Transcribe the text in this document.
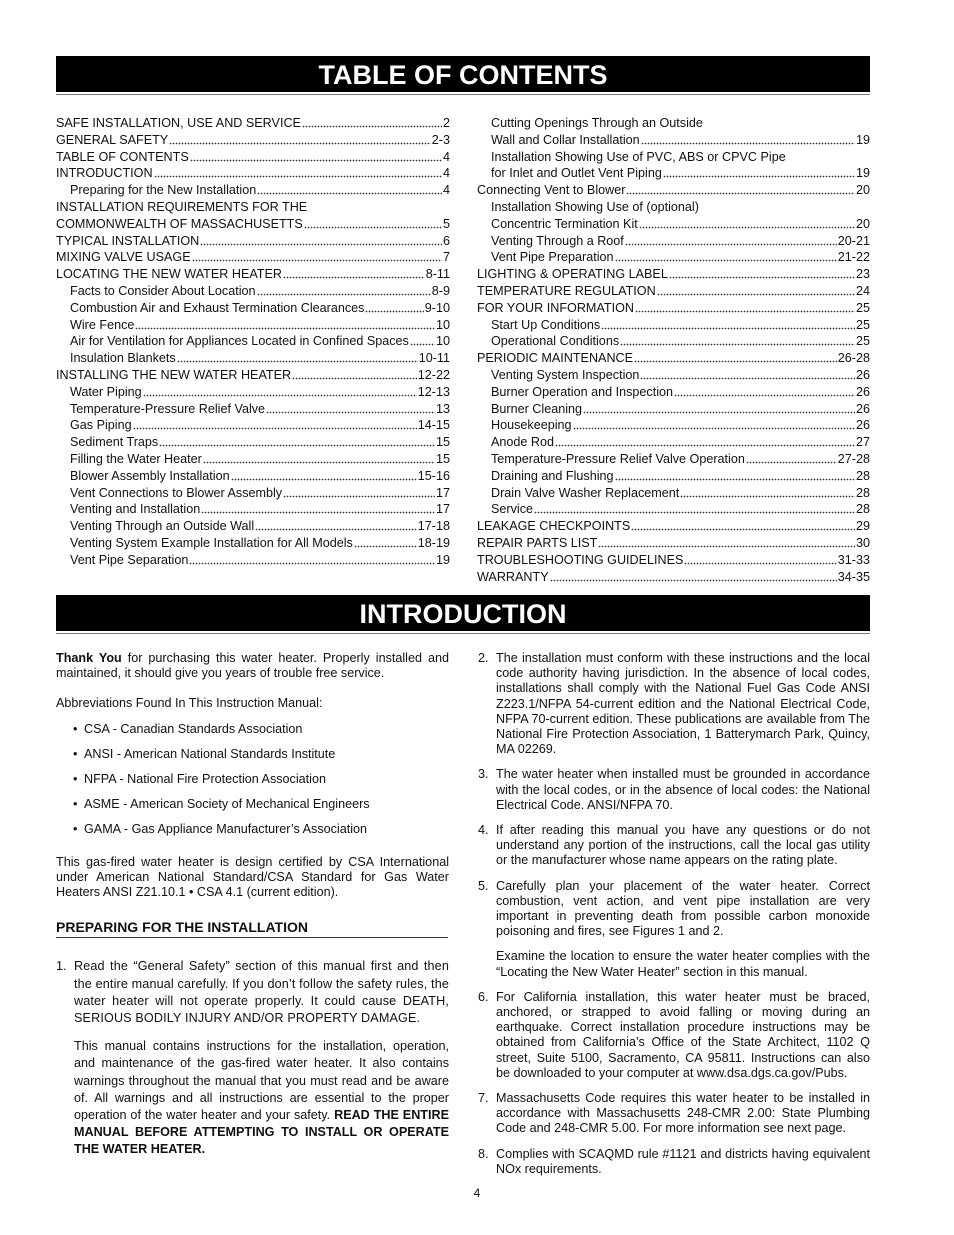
TABLE OF CONTENTS
SAFE INSTALLATION, USE AND SERVICE	2
GENERAL SAFETY	2-3
TABLE OF CONTENTS	4
INTRODUCTION	4
Preparing for the New Installation	4
INSTALLATION REQUIREMENTS FOR THE
COMMONWEALTH OF MASSACHUSETTS	5
TYPICAL INSTALLATION	6
MIXING VALVE USAGE	7
LOCATING THE NEW WATER HEATER	8-11
Facts to Consider About Location	8-9
Combustion Air and Exhaust Termination Clearances	9-10
Wire Fence	10
Air for Ventilation for Appliances Located in Confined Spaces 10
Insulation Blankets	10-11
INSTALLING THE NEW WATER HEATER	12-22
Water Piping	12-13
Temperature-Pressure Relief Valve	13
Gas Piping	14-15
Sediment Traps	15
Filling the Water Heater	15
Blower Assembly Installation	15-16
Vent Connections to Blower Assembly	17
Venting and Installation	17
Venting Through an Outside Wall	17-18
Venting System Example Installation for All Models	18-19
Vent Pipe Separation	19
Cutting Openings Through an Outside
Wall and Collar Installation	19
Installation Showing Use of PVC, ABS or CPVC Pipe
for Inlet and Outlet Vent Piping	19
Connecting Vent to Blower	20
Installation Showing Use of (optional)
Concentric Termination Kit	20
Venting Through a Roof	20-21
Vent Pipe Preparation	21-22
LIGHTING & OPERATING LABEL	23
TEMPERATURE REGULATION	24
FOR YOUR INFORMATION	25
Start Up Conditions	25
Operational Conditions	25
PERIODIC MAINTENANCE	26-28
Venting System Inspection	26
Burner Operation and Inspection	26
Burner Cleaning	26
Housekeeping	26
Anode Rod	27
Temperature-Pressure Relief Valve Operation	27-28
Draining and Flushing	28
Drain Valve Washer Replacement	28
Service	28
LEAKAGE CHECKPOINTS	29
REPAIR PARTS LIST	30
TROUBLESHOOTING GUIDELINES	31-33
WARRANTY	34-35
INTRODUCTION

Thank You for purchasing this water heater. Properly installed and maintained, it should give you years of trouble free service.

Abbreviations Found In This Instruction Manual:

• CSA - Canadian Standards Association
• ANSI - American National Standards Institute
• NFPA - National Fire Protection Association
• ASME - American Society of Mechanical Engineers
• GAMA - Gas Appliance Manufacturer’s Association

This gas-fired water heater is design certified by CSA International under American National Standard/CSA Standard for Gas Water Heaters ANSI Z21.10.1 • CSA 4.1 (current edition).

PREPARING FOR THE INSTALLATION
1. Read the “General Safety” section of this manual first and then the entire manual carefully. If you don’t follow the safety rules, the water heater will not operate properly. It could cause DEATH, SERIOUS BODILY INJURY AND/OR PROPERTY DAMAGE.

This manual contains instructions for the installation, operation, and maintenance of the gas-fired water heater. It also contains warnings throughout the manual that you must read and be aware of. All warnings and all instructions are essential to the proper operation of the water heater and your safety. READ THE ENTIRE MANUAL BEFORE ATTEMPTING TO INSTALL OR OPERATE THE WATER HEATER.

2. The installation must conform with these instructions and the local code authority having jurisdiction. In the absence of local codes, installations shall comply with the National Fuel Gas Code ANSI Z223.1/NFPA 54-current edition and the National Electrical Code, NFPA 70-current edition. These publications are available from The National Fire Protection Association, 1 Batterymarch Park, Quincy, MA 02269.

3. The water heater when installed must be grounded in accordance with the local codes, or in the absence of local codes: the National Electrical Code. ANSI/NFPA 70.

4. If after reading this manual you have any questions or do not understand any portion of the instructions, call the local gas utility or the manufacturer whose name appears on the rating plate.

5. Carefully plan your placement of the water heater. Correct combustion, vent action, and vent pipe installation are very important in preventing death from possible carbon monoxide poisoning and fires, see Figures 1 and 2.

Examine the location to ensure the water heater complies with the “Locating the New Water Heater” section in this manual.

6. For California installation, this water heater must be braced, anchored, or strapped to avoid falling or moving during an earthquake. Correct installation procedure instructions may be obtained from California’s Office of the State Architect, 1102 Q street, Suite 5100, Sacramento, CA 95811. Instructions can also be downloaded to your computer at www.dsa.dgs.ca.gov/Pubs.

7. Massachusetts Code requires this water heater to be installed in accordance with Massachusetts 248-CMR 2.00: State Plumbing Code and 248-CMR 5.00. For more information see next page.

8. Complies with SCAQMD rule #1121 and districts having equivalent NOx requirements.

4
